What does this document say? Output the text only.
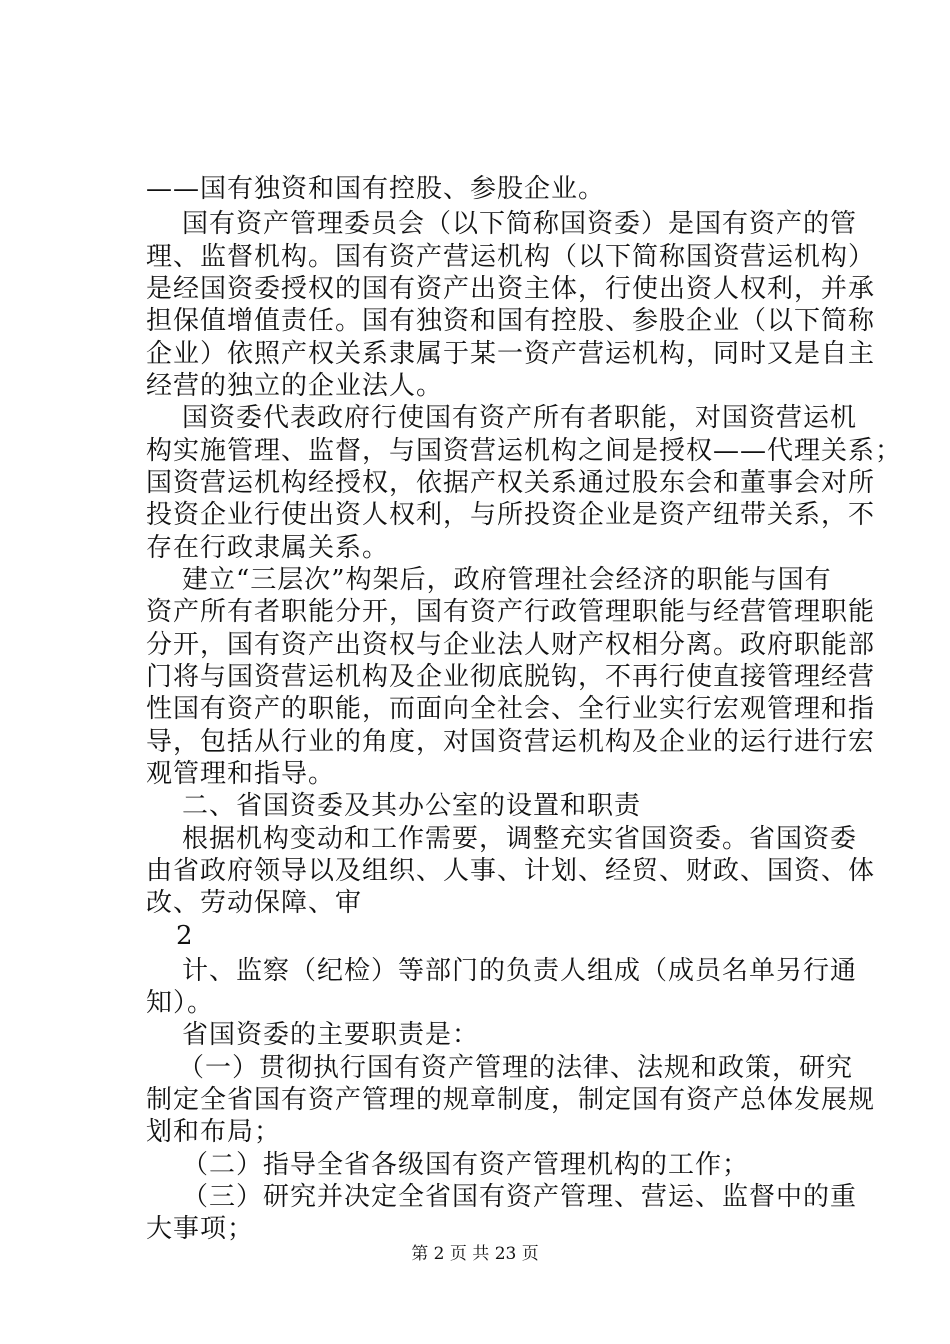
——国有独资和国有控股、参股企业。
国有资产管理委员会（以下简称国资委）是国有资产的管
理、监督机构。国有资产营运机构（以下简称国资营运机构）
是经国资委授权的国有资产出资主体，行使出资人权利，并承
担保值增值责任。国有独资和国有控股、参股企业（以下简称
企业）依照产权关系隶属于某一资产营运机构，同时又是自主
经营的独立的企业法人。
国资委代表政府行使国有资产所有者职能，对国资营运机
构实施管理、监督，与国资营运机构之间是授权——代理关系；
国资营运机构经授权，依据产权关系通过股东会和董事会对所
投资企业行使出资人权利，与所投资企业是资产纽带关系，不
存在行政隶属关系。
建立“三层次”构架后，政府管理社会经济的职能与国有
资产所有者职能分开，国有资产行政管理职能与经营管理职能
分开，国有资产出资权与企业法人财产权相分离。政府职能部
门将与国资营运机构及企业彻底脱钩，不再行使直接管理经营
性国有资产的职能，而面向全社会、全行业实行宏观管理和指
导，包括从行业的角度，对国资营运机构及企业的运行进行宏
观管理和指导。
二、省国资委及其办公室的设置和职责
根据机构变动和工作需要，调整充实省国资委。省国资委
由省政府领导以及组织、人事、计划、经贸、财政、国资、体
改、劳动保障、审
2
计、监察（纪检）等部门的负责人组成（成员名单另行通
知）。
省国资委的主要职责是：
（一）贯彻执行国有资产管理的法律、法规和政策，研究
制定全省国有资产管理的规章制度，制定国有资产总体发展规
划和布局；
（二）指导全省各级国有资产管理机构的工作；
（三）研究并决定全省国有资产管理、营运、监督中的重
大事项；
第 2 页 共 23 页
